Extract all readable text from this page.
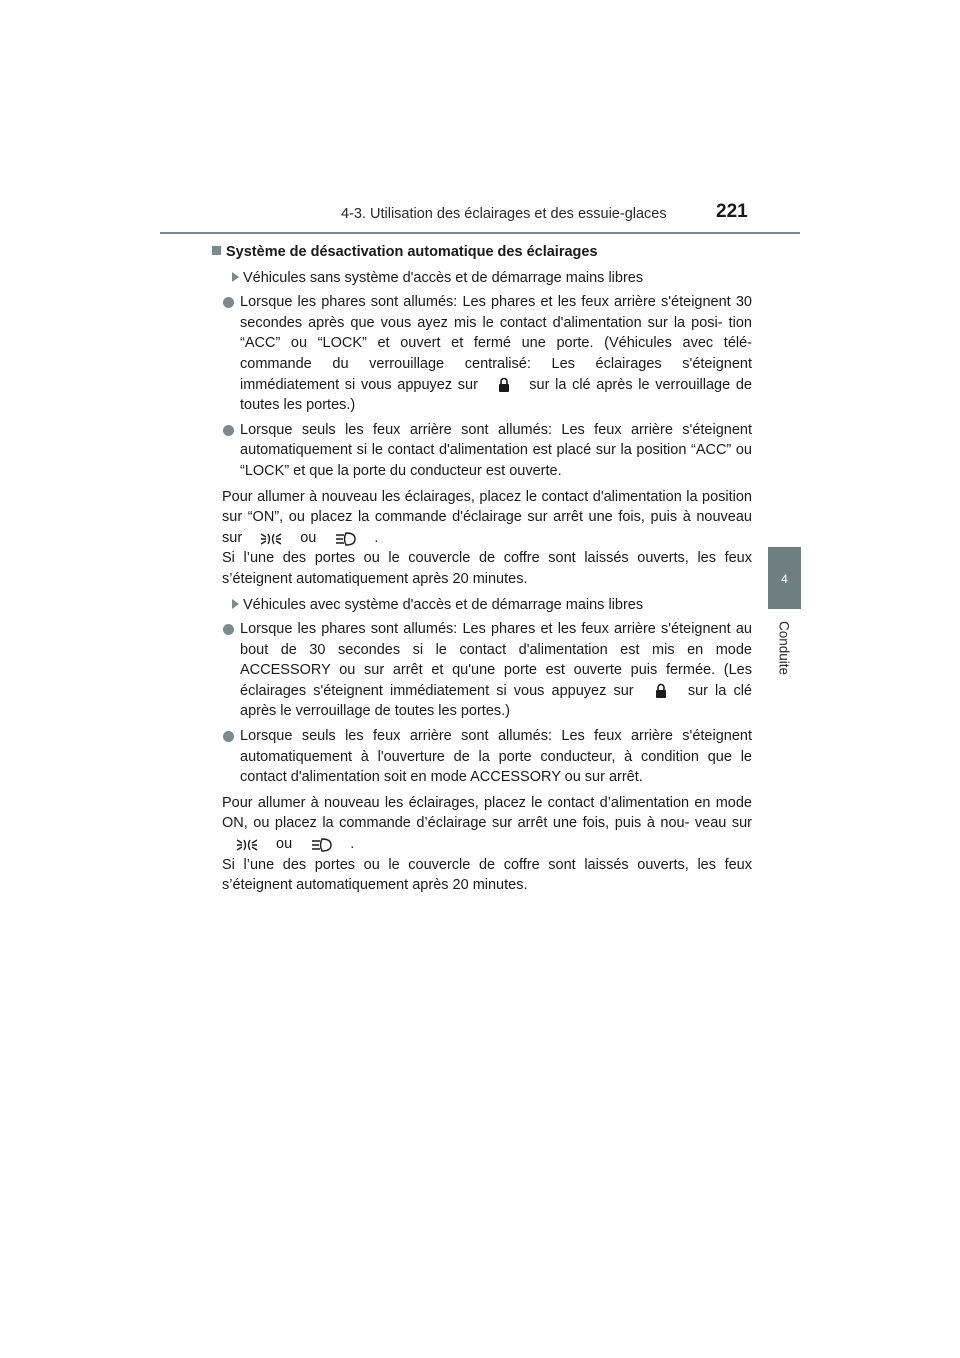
4-3. Utilisation des éclairages et des essuie-glaces	221
4
Conduite
Système de désactivation automatique des éclairages
Véhicules sans système d'accès et de démarrage mains libres
Lorsque les phares sont allumés: Les phares et les feux arrière s'éteignent 30 secondes après que vous ayez mis le contact d'alimentation sur la posi- tion “ACC” ou “LOCK” et ouvert et fermé une porte. (Véhicules avec télé- commande du verrouillage centralisé: Les éclairages s'éteignent immédiatement si vous appuyez sur	sur la clé après le verrouillage de toutes les portes.)
Lorsque seuls les feux arrière sont allumés: Les feux arrière s'éteignent automatiquement si le contact d'alimentation est placé sur la position “ACC” ou “LOCK” et que la porte du conducteur est ouverte.
Pour allumer à nouveau les éclairages, placez le contact d'alimentation la position sur “ON”, ou placez la commande d'éclairage sur arrêt une fois, puis à nouveau sur	ou	.
Si l’une des portes ou le couvercle de coffre sont laissés ouverts, les feux s’éteignent automatiquement après 20 minutes.
Véhicules avec système d'accès et de démarrage mains libres
Lorsque les phares sont allumés: Les phares et les feux arrière s'éteignent au bout de 30 secondes si le contact d'alimentation est mis en mode ACCESSORY ou sur arrêt et qu'une porte est ouverte puis fermée. (Les éclairages s'éteignent immédiatement si vous appuyez sur	sur la clé après le verrouillage de toutes les portes.)
Lorsque seuls les feux arrière sont allumés: Les feux arrière s'éteignent automatiquement à l'ouverture de la porte conducteur, à condition que le contact d'alimentation soit en mode ACCESSORY ou sur arrêt.
Pour allumer à nouveau les éclairages, placez le contact d’alimentation en mode ON, ou placez la commande d’éclairage sur arrêt une fois, puis à nou- veau sur
ou	.
Si l’une des portes ou le couvercle de coffre sont laissés ouverts, les feux s’éteignent automatiquement après 20 minutes.
